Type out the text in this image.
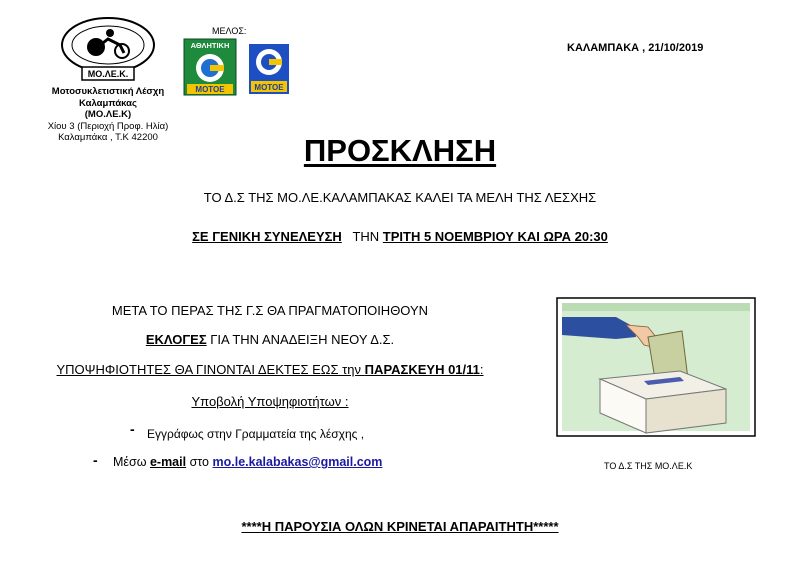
ΜΟ.ΛΕ.Κ.
Μοτοσυκλετιστική Λέσχη
Καλαμπάκας
(ΜΟ.ΛΕ.Κ)
Χίου 3 (Περιοχή Προφ. Ηλία)
Καλαμπάκα , Τ.Κ 42200
ΜΕΛΟΣ:
ΑΘΛΗΤΙΚΗ
ΜΟΤΟΕ	ΜΟΤΟΕ
ΚΑΛΑΜΠΑΚΑ , 21/10/2019
ΠΡΟΣΚΛΗΣΗ
ΤΟ Δ.Σ ΤΗΣ ΜΟ.ΛΕ.ΚΑΛΑΜΠΑΚΑΣ ΚΑΛΕΙ ΤΑ ΜΕΛΗ ΤΗΣ ΛΕΣΧΗΣ
ΣΕ ΓΕΝΙΚΗ ΣΥΝΕΛΕΥΣΗ ΤΗΝ ΤΡΙΤΗ 5 ΝΟΕΜΒΡΙΟΥ ΚΑΙ ΩΡΑ 20:30
ΜΕΤΑ ΤΟ ΠΕΡΑΣ ΤΗΣ Γ.Σ ΘΑ ΠΡΑΓΜΑΤΟΠΟΙΗΘΟΥΝ
ΕΚΛΟΓΕΣ ΓΙΑ ΤΗΝ ΑΝΑΔΕΙΞΗ ΝΕΟΥ Δ.Σ.
ΥΠΟΨΗΦΙΟΤΗΤΕΣ ΘΑ ΓΙΝΟΝΤΑΙ ΔΕΚΤΕΣ ΕΩΣ την ΠΑΡΑΣΚΕΥΗ 01/11:
Υποβολή Υποψηφιοτήτων :
- Εγγράφως στην Γραμματεία της λέσχης ,
- Μέσω e-mail στο mo.le.kalabakas@gmail.com	ΤΟ Δ.Σ ΤΗΣ ΜΟ.ΛΕ.Κ
****Η ΠΑΡΟΥΣΙΑ ΟΛΩΝ ΚΡΙΝΕΤΑΙ ΑΠΑΡΑΙΤΗΤΗ*****
